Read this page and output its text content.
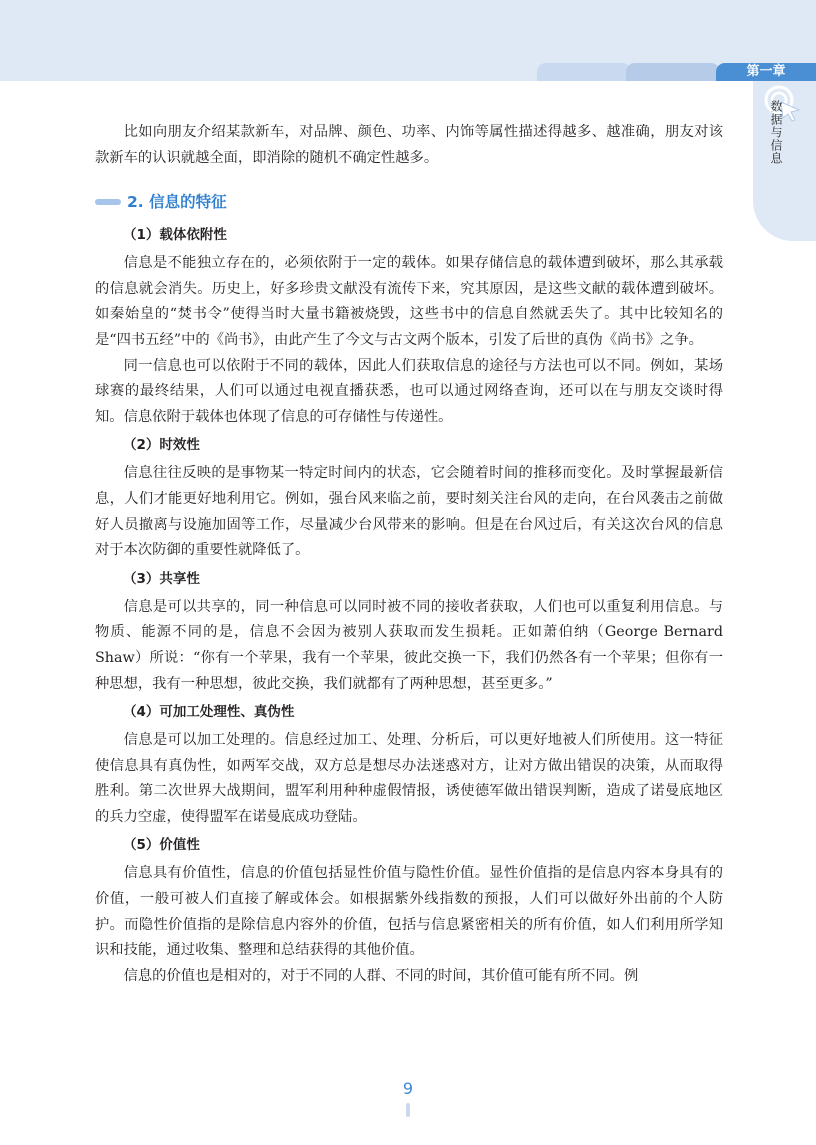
第一章
数据与信息

比如向朋友介绍某款新车，对品牌、颜色、功率、内饰等属性描述得越多、越准确，朋友对该款新车的认识就越全面，即消除的随机不确定性越多。

2. 信息的特征
（1）载体依附性

信息是不能独立存在的，必须依附于一定的载体。如果存储信息的载体遭到破坏，那么其承载的信息就会消失。历史上，好多珍贵文献没有流传下来，究其原因，是这些文献的载体遭到破坏。如秦始皇的“焚书令”使得当时大量书籍被烧毁，这些书中的信息自然就丢失了。其中比较知名的是“四书五经”中的《尚书》，由此产生了今文与古文两个版本，引发了后世的真伪《尚书》之争。

同一信息也可以依附于不同的载体，因此人们获取信息的途径与方法也可以不同。例如，某场球赛的最终结果，人们可以通过电视直播获悉，也可以通过网络查询，还可以在与朋友交谈时得知。信息依附于载体也体现了信息的可存储性与传递性。

（2）时效性

信息往往反映的是事物某一特定时间内的状态，它会随着时间的推移而变化。及时掌握最新信息，人们才能更好地利用它。例如，强台风来临之前，要时刻关注台风的走向，在台风袭击之前做好人员撤离与设施加固等工作，尽量减少台风带来的影响。但是在台风过后，有关这次台风的信息对于本次防御的重要性就降低了。

（3）共享性

信息是可以共享的，同一种信息可以同时被不同的接收者获取，人们也可以重复利用信息。与物质、能源不同的是，信息不会因为被别人获取而发生损耗。正如萧伯纳（George Bernard Shaw）所说：“你有一个苹果，我有一个苹果，彼此交换一下，我们仍然各有一个苹果；但你有一种思想，我有一种思想，彼此交换，我们就都有了两种思想，甚至更多。”

（4）可加工处理性、真伪性

信息是可以加工处理的。信息经过加工、处理、分析后，可以更好地被人们所使用。这一特征使信息具有真伪性，如两军交战，双方总是想尽办法迷惑对方，让对方做出错误的决策，从而取得胜利。第二次世界大战期间，盟军利用种种虚假情报，诱使德军做出错误判断，造成了诺曼底地区的兵力空虚，使得盟军在诺曼底成功登陆。

（5）价值性

信息具有价值性，信息的价值包括显性价值与隐性价值。显性价值指的是信息内容本身具有的价值，一般可被人们直接了解或体会。如根据紫外线指数的预报，人们可以做好外出前的个人防护。而隐性价值指的是除信息内容外的价值，包括与信息紧密相关的所有价值，如人们利用所学知识和技能，通过收集、整理和总结获得的其他价值。

信息的价值也是相对的，对于不同的人群、不同的时间，其价值可能有所不同。例

9
